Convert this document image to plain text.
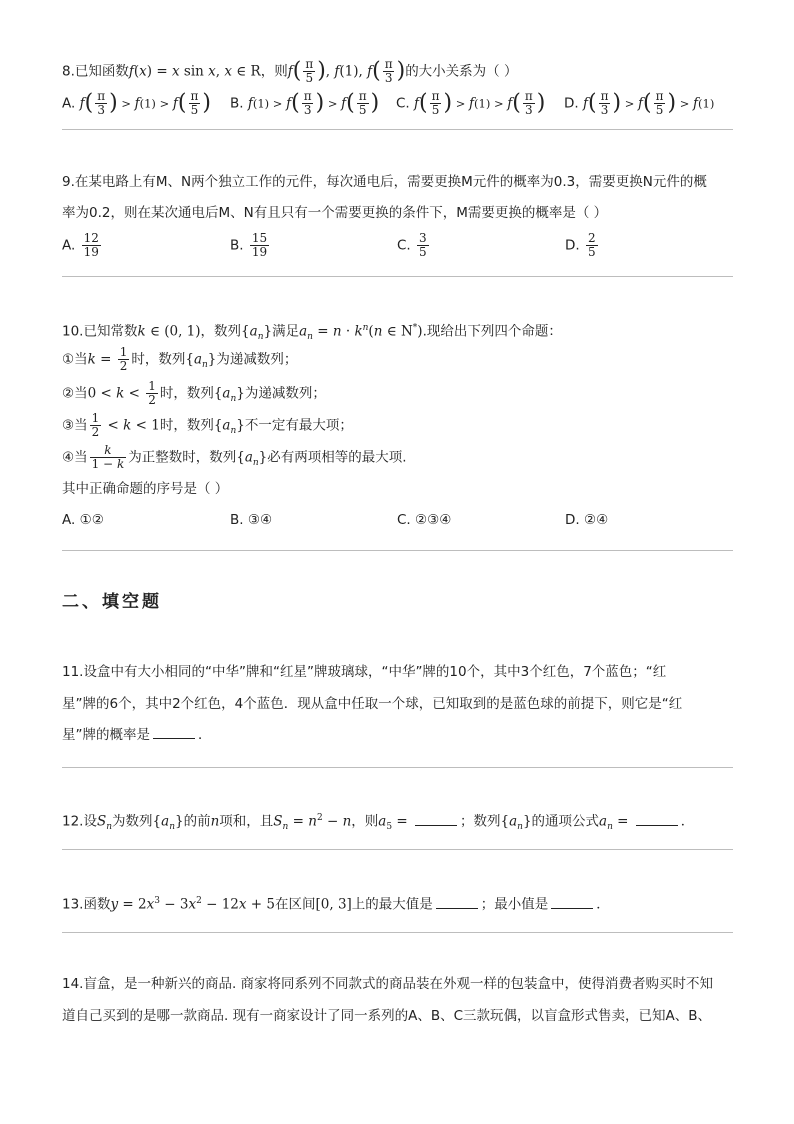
8.已知函数f(x) = x sin x, x ∈ R，则$f( \frac{\pi}{5}$ ), f(1), $f( \frac{\pi}{3}$ )的大小关系为（ ）
A. $f( \frac{\pi}{3}$ ) > $f(1) > f( \frac{\pi}{5}$ ) B. $f(1) > f( \frac{\pi}{3}$ ) > $f( \frac{\pi}{5}$ ) C. $f( \frac{\pi}{5}$ ) > $f(1) > f( \frac{\pi}{3}$ ) D. $f( \frac{\pi}{3}$ ) > $f( \frac{\pi}{5}$ ) > f(1)
9.在某电路上有M、N两个独立工作的元件，每次通电后，需要更换M元件的概率为0.3，需要更换N元件的概
率为0.2，则在某次通电后M、N有且只有一个需要更换的条件下，M需要更换的概率是（ ）
A. $\frac{12}{19}$	B. $\frac{15}{19}$	C. $\frac{3}{5}$	D. $\frac{2}{5}$
10.已知常数k ∈ (0, 1)，数列$\{a_n\}$满足$a_n = n \cdot k^n(n$ ∈ N*).现给出下列四个命题：
①当$k = \frac{1}{2}$ 时，数列$\{a_n\}$为递减数列；
②当$0 < k < \frac{1}{2}$ 时，数列$\{a_n\}$为递减数列；
③当 $\frac{1}{2} < k < 1$时，数列$\{a_n\}$不一定有最大项；
④当 $\frac{k}{1 - k}$ 为正整数时，数列$\{a_n\}$必有两项相等的最大项.
其中正确命题的序号是（ ）
A. ①②	B. ③④	C. ②③④	D. ②④
二、填空题
11.设盒中有大小相同的“中华”牌和“红星”牌玻璃球，“中华”牌的10个，其中3个红色，7个蓝色；“红
星”牌的6个，其中2个红色，4个蓝色．现从盒中任取一个球，已知取到的是蓝色球的前提下，则它是“红
星”牌的概率是	．
12.设$S_n$为数列$\{a_n\}$的前n项和，且$S_n = n^2 - n$，则$a_5$ =	；数列$\{a_n\}$的通项公式$a_n$ =	．
13.函数$y = 2x^3 - 3x^2 - 12x + 5$在区间[0, 3]上的最大值是	；最小值是	．
14.盲盒，是一种新兴的商品. 商家将同系列不同款式的商品装在外观一样的包装盒中，使得消费者购买时不知
道自己买到的是哪一款商品. 现有一商家设计了同一系列的A、B、C三款玩偶，以盲盒形式售卖，已知A、B、
